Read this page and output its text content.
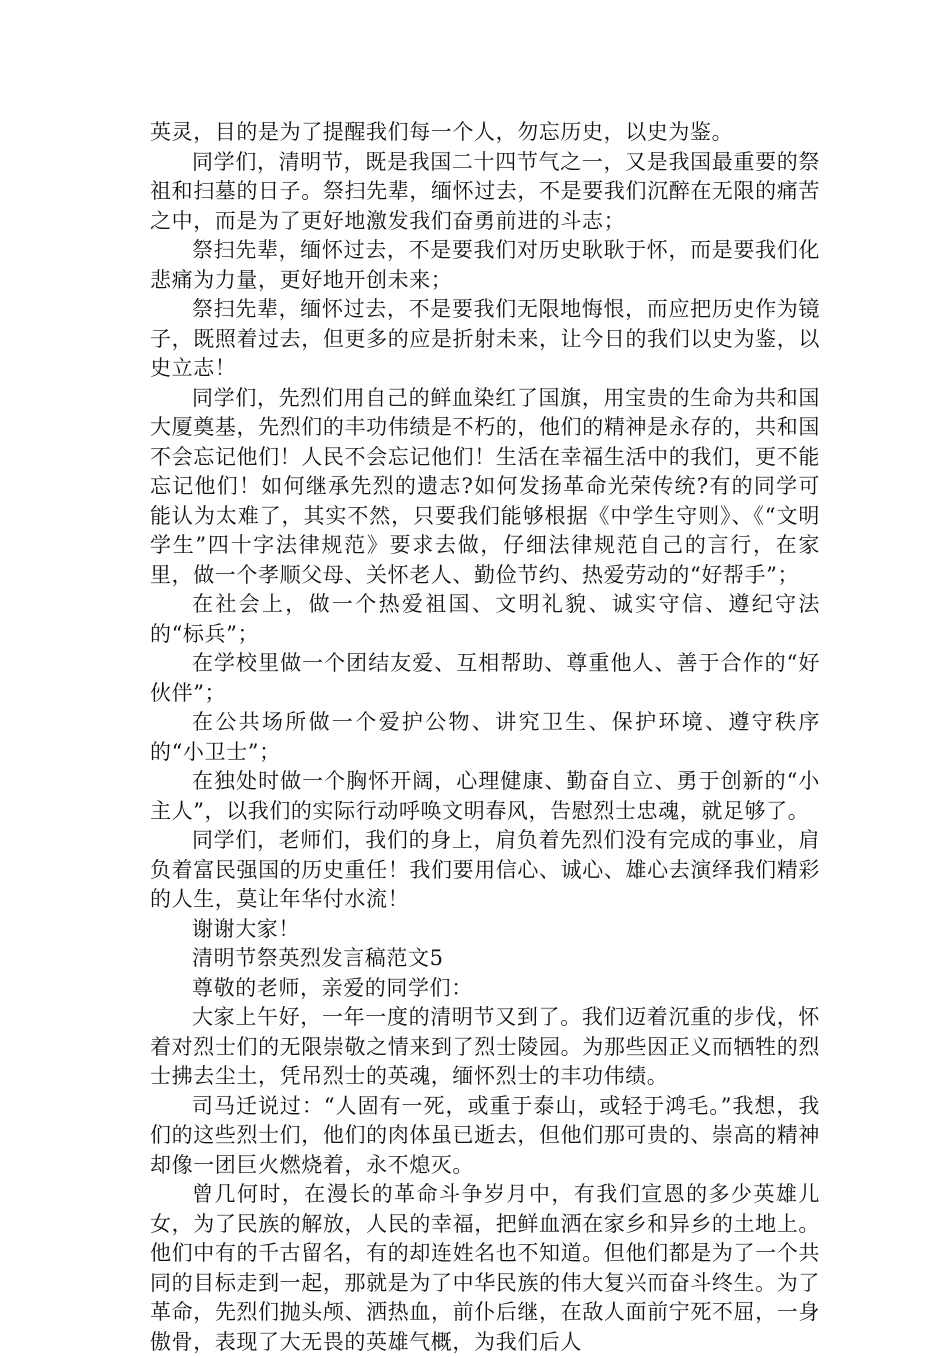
英灵，目的是为了提醒我们每一个人，勿忘历史，以史为鉴。

同学们，清明节，既是我国二十四节气之一，又是我国最重要的祭祖和扫墓的日子。祭扫先辈，缅怀过去，不是要我们沉醉在无限的痛苦之中，而是为了更好地激发我们奋勇前进的斗志；

祭扫先辈，缅怀过去，不是要我们对历史耿耿于怀，而是要我们化悲痛为力量，更好地开创未来；

祭扫先辈，缅怀过去，不是要我们无限地悔恨，而应把历史作为镜子，既照着过去，但更多的应是折射未来，让今日的我们以史为鉴，以史立志！

同学们，先烈们用自己的鲜血染红了国旗，用宝贵的生命为共和国大厦奠基，先烈们的丰功伟绩是不朽的，他们的精神是永存的，共和国不会忘记他们！人民不会忘记他们！生活在幸福生活中的我们，更不能忘记他们！如何继承先烈的遗志?如何发扬革命光荣传统?有的同学可能认为太难了，其实不然，只要我们能够根据《中学生守则》、《“文明学生”四十字法律规范》要求去做，仔细法律规范自己的言行，在家里，做一个孝顺父母、关怀老人、勤俭节约、热爱劳动的“好帮手”；

在社会上，做一个热爱祖国、文明礼貌、诚实守信、遵纪守法的“标兵”；

在学校里做一个团结友爱、互相帮助、尊重他人、善于合作的“好伙伴”；

在公共场所做一个爱护公物、讲究卫生、保护环境、遵守秩序的“小卫士”；

在独处时做一个胸怀开阔，心理健康、勤奋自立、勇于创新的“小主人”，以我们的实际行动呼唤文明春风，告慰烈士忠魂，就足够了。

同学们，老师们，我们的身上，肩负着先烈们没有完成的事业，肩负着富民强国的历史重任！我们要用信心、诚心、雄心去演绎我们精彩的人生，莫让年华付水流！

谢谢大家！

清明节祭英烈发言稿范文5

尊敬的老师，亲爱的同学们：

大家上午好，一年一度的清明节又到了。我们迈着沉重的步伐，怀着对烈士们的无限崇敬之情来到了烈士陵园。为那些因正义而牺牲的烈士拂去尘土，凭吊烈士的英魂，缅怀烈士的丰功伟绩。

司马迁说过：“人固有一死，或重于泰山，或轻于鸿毛。”我想，我们的这些烈士们，他们的肉体虽已逝去，但他们那可贵的、崇高的精神却像一团巨火燃烧着，永不熄灭。

曾几何时，在漫长的革命斗争岁月中，有我们宣恩的多少英雄儿女，为了民族的解放，人民的幸福，把鲜血洒在家乡和异乡的土地上。他们中有的千古留名，有的却连姓名也不知道。但他们都是为了一个共同的目标走到一起，那就是为了中华民族的伟大复兴而奋斗终生。为了革命，先烈们抛头颅、洒热血，前仆后继，在敌人面前宁死不屈，一身傲骨，表现了大无畏的英雄气概，为我们后人
